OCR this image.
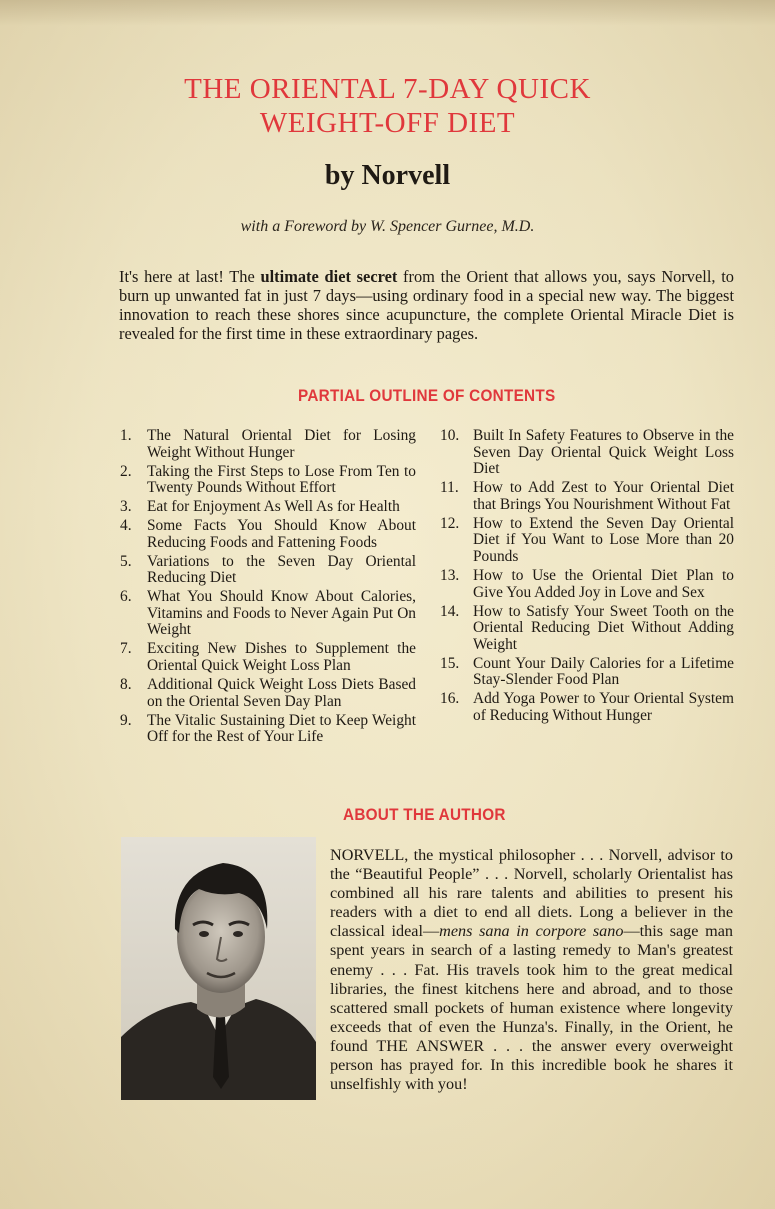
THE ORIENTAL 7-DAY QUICK
WEIGHT-OFF DIET
by Norvell
with a Foreword by W. Spencer Gurnee, M.D.
It's here at last! The ultimate diet secret from the Orient that allows you, says Norvell, to burn up unwanted fat in just 7 days—using ordinary food in a special new way. The biggest innovation to reach these shores since acupuncture, the complete Oriental Miracle Diet is revealed for the first time in these extraordinary pages.
PARTIAL OUTLINE OF CONTENTS
1.	The Natural Oriental Diet for Losing Weight Without Hunger
2.	Taking the First Steps to Lose From Ten to Twenty Pounds Without Effort
3.	Eat for Enjoyment As Well As for Health
4.	Some Facts You Should Know About Reducing Foods and Fattening Foods
5.	Variations to the Seven Day Oriental Reducing Diet
6.	What You Should Know About Calories, Vitamins and Foods to Never Again Put On Weight
7.	Exciting New Dishes to Supplement the Oriental Quick Weight Loss Plan
8.	Additional Quick Weight Loss Diets Based on the Oriental Seven Day Plan
9.	The Vitalic Sustaining Diet to Keep Weight Off for the Rest of Your Life
10. Built In Safety Features to Observe in the Seven Day Oriental Quick Weight Loss Diet
11. How to Add Zest to Your Oriental Diet that Brings You Nourishment Without Fat
12. How to Extend the Seven Day Oriental Diet if You Want to Lose More than 20 Pounds
13. How to Use the Oriental Diet Plan to Give You Added Joy in Love and Sex
14. How to Satisfy Your Sweet Tooth on the Oriental Reducing Diet Without Adding Weight
15. Count Your Daily Calories for a Lifetime Stay-Slender Food Plan
16. Add Yoga Power to Your Oriental System of Reducing Without Hunger
ABOUT THE AUTHOR
NORVELL, the mystical philosopher . . . Norvell, advisor to the “Beautiful People” . . . Norvell, scholarly Orientalist has combined all his rare talents and abilities to present his readers with a diet to end all diets. Long a believer in the classical ideal—mens sana in corpore sano—this sage man spent years in search of a lasting remedy to Man's greatest enemy . . . Fat. His travels took him to the great medical libraries, the finest kitchens here and abroad, and to those scattered small pockets of human existence where longevity exceeds that of even the Hunza's. Finally, in the Orient, he found THE ANSWER . . . the answer every overweight person has prayed for. In this incredible book he shares it unselfishly with you!
